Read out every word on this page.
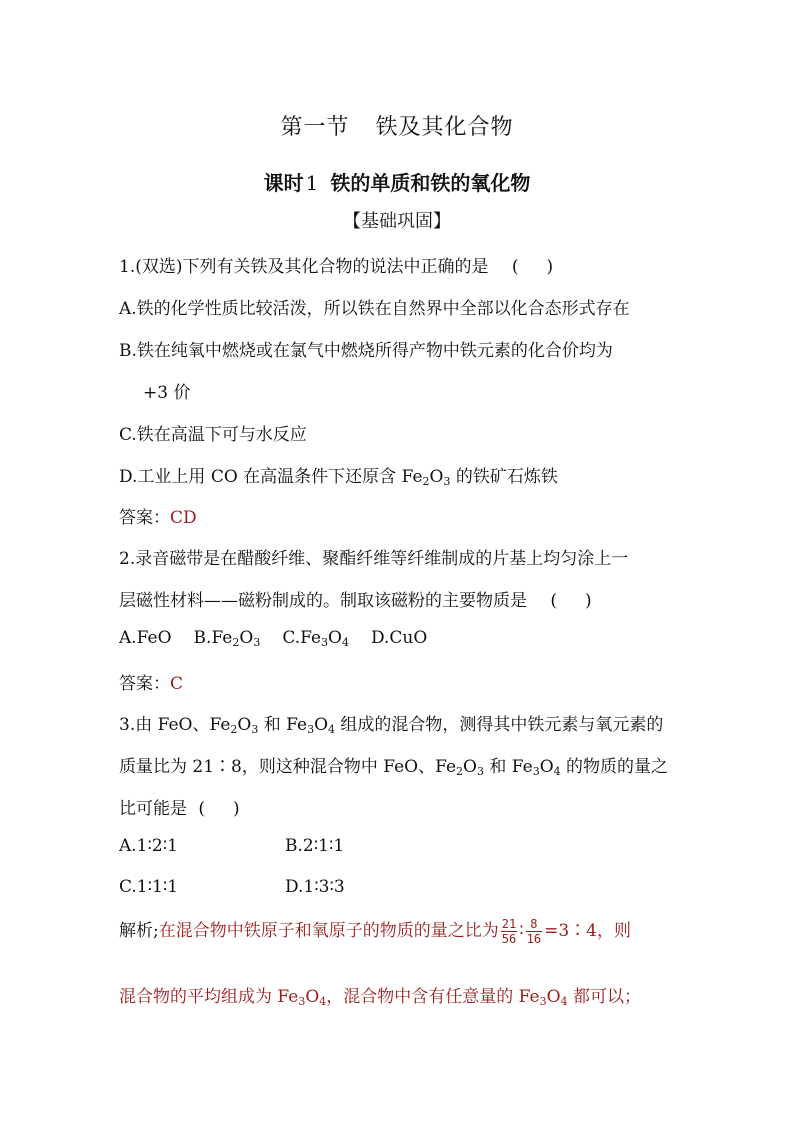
第一节 铁及其化合物
课时 1 铁的单质和铁的氧化物
【基础巩固】
1.(双选)下列有关铁及其化合物的说法中正确的是 ( )
A.铁的化学性质比较活泼，所以铁在自然界中全部以化合态形式存在
B.铁在纯氧中燃烧或在氯气中燃烧所得产物中铁元素的化合价均为
+3 价
C.铁在高温下可与水反应
D.工业上用 CO 在高温条件下还原含 $Fe_2O_3$ 的铁矿石炼铁
答案：CD
2.录音磁带是在醋酸纤维、聚酯纤维等纤维制成的片基上均匀涂上一
层磁性材料——磁粉制成的。制取该磁粉的主要物质是 ( )
A.FeO $B.Fe_2O_3$ $C.Fe_3O_4$ D.CuO
答案：C
3.由 FeO、$Fe_2O_3$ 和 $Fe_3O_4$ 组成的混合物，测得其中铁元素与氧元素的
质量比为 21∶8，则这种混合物中 FeO、$Fe_2O_3$ 和 $Fe_3O_4$ 的物质的量之
比可能是 ( )
A.1∶2∶1	B.2∶1∶1
C.1∶1∶1	D.1∶3∶3
解析;在混合物中铁原子和氧原子的物质的量之比为 $\frac{21}{56}$ ∶ $\frac{8}{16}$ =3∶4，则
混合物的平均组成为 $Fe_3O_4$，混合物中含有任意量的 $Fe_3O_4$ 都可以；
